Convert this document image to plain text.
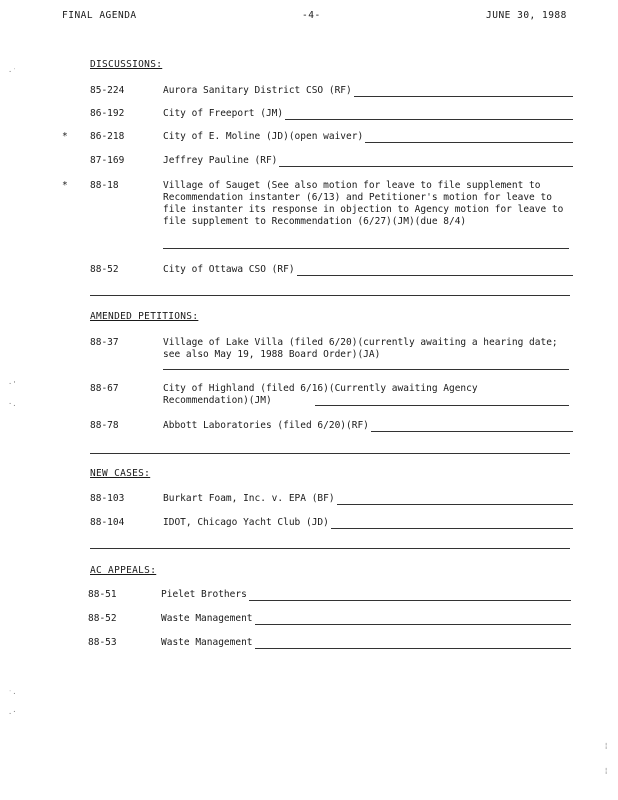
FINAL AGENDA	-4-	JUNE 30, 1988
DISCUSSIONS:
85-224	Aurora Sanitary District CSO (RF)
86-192	City of Freeport (JM)
* 86-218	City of E. Moline (JD)(open waiver)
87-169	Jeffrey Pauline (RF)
* 88-18	Village of Sauget (See also motion for leave to file supplement to Recommendation instanter (6/13) and Petitioner's motion for leave to file instanter its response in objection to Agency motion for leave to file supplement to Recommendation (6/27)(JM)(due 8/4)
88-52	City of Ottawa CSO (RF)
AMENDED PETITIONS:
88-37	Village of Lake Villa (filed 6/20)(currently awaiting a hearing date; see also May 19, 1988 Board Order)(JA)
88-67	City of Highland (filed 6/16)(Currently awaiting Agency Recommendation)(JM)
88-78	Abbott Laboratories (filed 6/20)(RF)
NEW CASES:
88-103	Burkart Foam, Inc. v. EPA (BF)
88-104	IDOT, Chicago Yacht Club (JD)
AC APPEALS:
88-51	Pielet Brothers
88-52	Waste Management
88-53	Waste Management
·˙
·'
·.
˙·
.·
¦
¦
